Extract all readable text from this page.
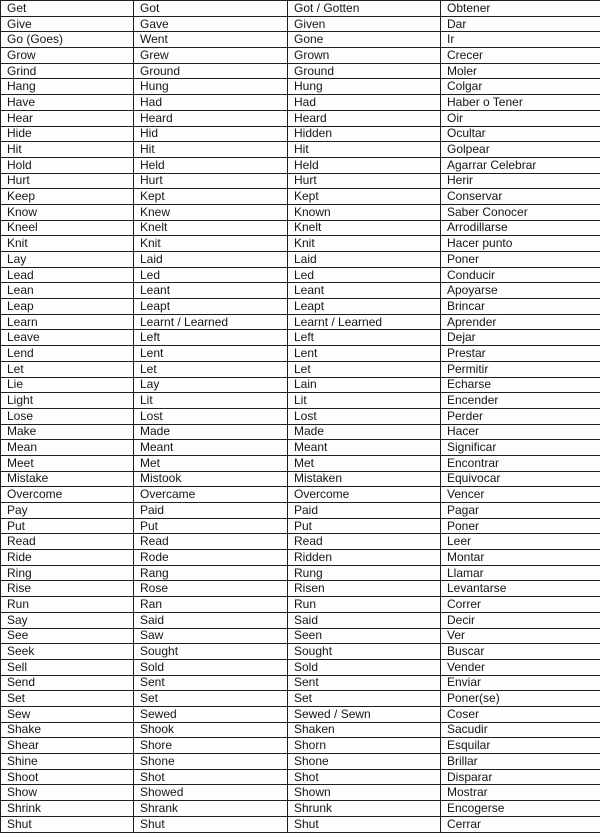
Get	Got	Got / Gotten	Obtener
Give	Gave	Given	Dar
Go (Goes)	Went	Gone	Ir
Grow	Grew	Grown	Crecer
Grind	Ground	Ground	Moler
Hang	Hung	Hung	Colgar
Have	Had	Had	Haber o Tener
Hear	Heard	Heard	Oir
Hide	Hid	Hidden	Ocultar
Hit	Hit	Hit	Golpear
Hold	Held	Held	Agarrar Celebrar
Hurt	Hurt	Hurt	Herir
Keep	Kept	Kept	Conservar
Know	Knew	Known	Saber Conocer
Kneel	Knelt	Knelt	Arrodillarse
Knit	Knit	Knit	Hacer punto
Lay	Laid	Laid	Poner
Lead	Led	Led	Conducir
Lean	Leant	Leant	Apoyarse
Leap	Leapt	Leapt	Brincar
Learn	Learnt / Learned	Learnt / Learned	Aprender
Leave	Left	Left	Dejar
Lend	Lent	Lent	Prestar
Let	Let	Let	Permitir
Lie	Lay	Lain	Echarse
Light	Lit	Lit	Encender
Lose	Lost	Lost	Perder
Make	Made	Made	Hacer
Mean	Meant	Meant	Significar
Meet	Met	Met	Encontrar
Mistake	Mistook	Mistaken	Equivocar
Overcome	Overcame	Overcome	Vencer
Pay	Paid	Paid	Pagar
Put	Put	Put	Poner
Read	Read	Read	Leer
Ride	Rode	Ridden	Montar
Ring	Rang	Rung	Llamar
Rise	Rose	Risen	Levantarse
Run	Ran	Run	Correr
Say	Said	Said	Decir
See	Saw	Seen	Ver
Seek	Sought	Sought	Buscar
Sell	Sold	Sold	Vender
Send	Sent	Sent	Enviar
Set	Set	Set	Poner(se)
Sew	Sewed	Sewed / Sewn	Coser
Shake	Shook	Shaken	Sacudir
Shear	Shore	Shorn	Esquilar
Shine	Shone	Shone	Brillar
Shoot	Shot	Shot	Disparar
Show	Showed	Shown	Mostrar
Shrink	Shrank	Shrunk	Encogerse
Shut	Shut	Shut	Cerrar
